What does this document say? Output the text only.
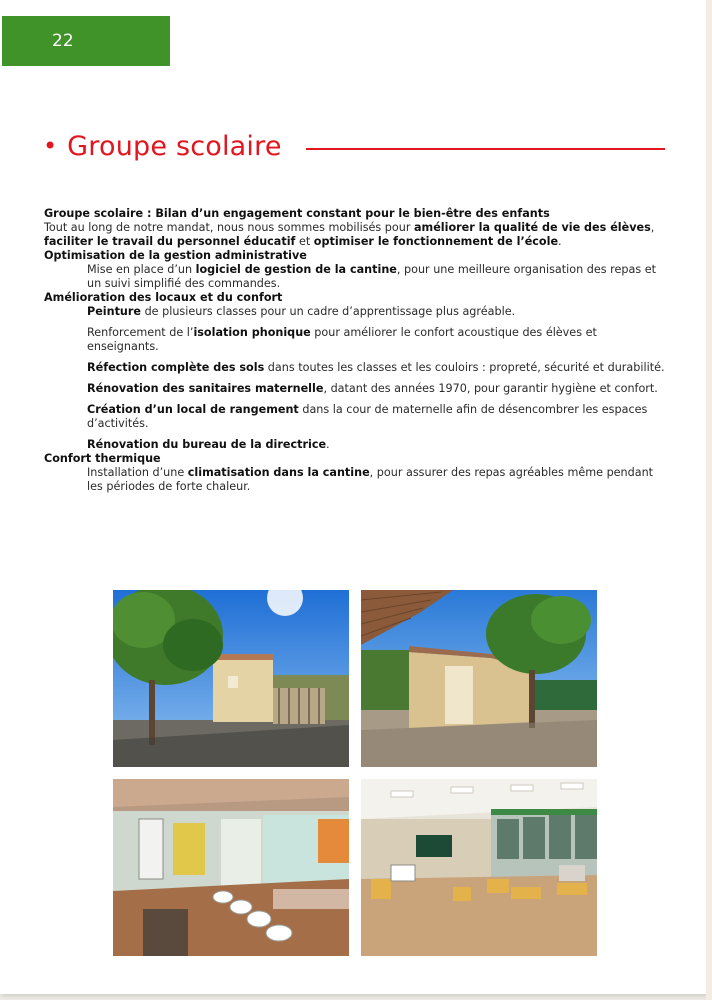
22
• Groupe scolaire

Groupe scolaire : Bilan d’un engagement constant pour le bien-être des enfants

Tout au long de notre mandat, nous nous sommes mobilisés pour améliorer la qualité de vie des élèves, faciliter le travail du personnel éducatif et optimiser le fonctionnement de l’école.

Optimisation de la gestion administrative

Mise en place d’un logiciel de gestion de la cantine, pour une meilleure organisation des repas et un suivi simplifié des commandes.

Amélioration des locaux et du confort

Peinture de plusieurs classes pour un cadre d’apprentissage plus agréable.

Renforcement de l’isolation phonique pour améliorer le confort acoustique des élèves et enseignants.

Réfection complète des sols dans toutes les classes et les couloirs : propreté, sécurité et durabilité.

Rénovation des sanitaires maternelle, datant des années 1970, pour garantir hygiène et confort.

Création d’un local de rangement dans la cour de maternelle afin de désencombrer les espaces d’activités.

Rénovation du bureau de la directrice.

Confort thermique

Installation d’une climatisation dans la cantine, pour assurer des repas agréables même pendant les périodes de forte chaleur.
